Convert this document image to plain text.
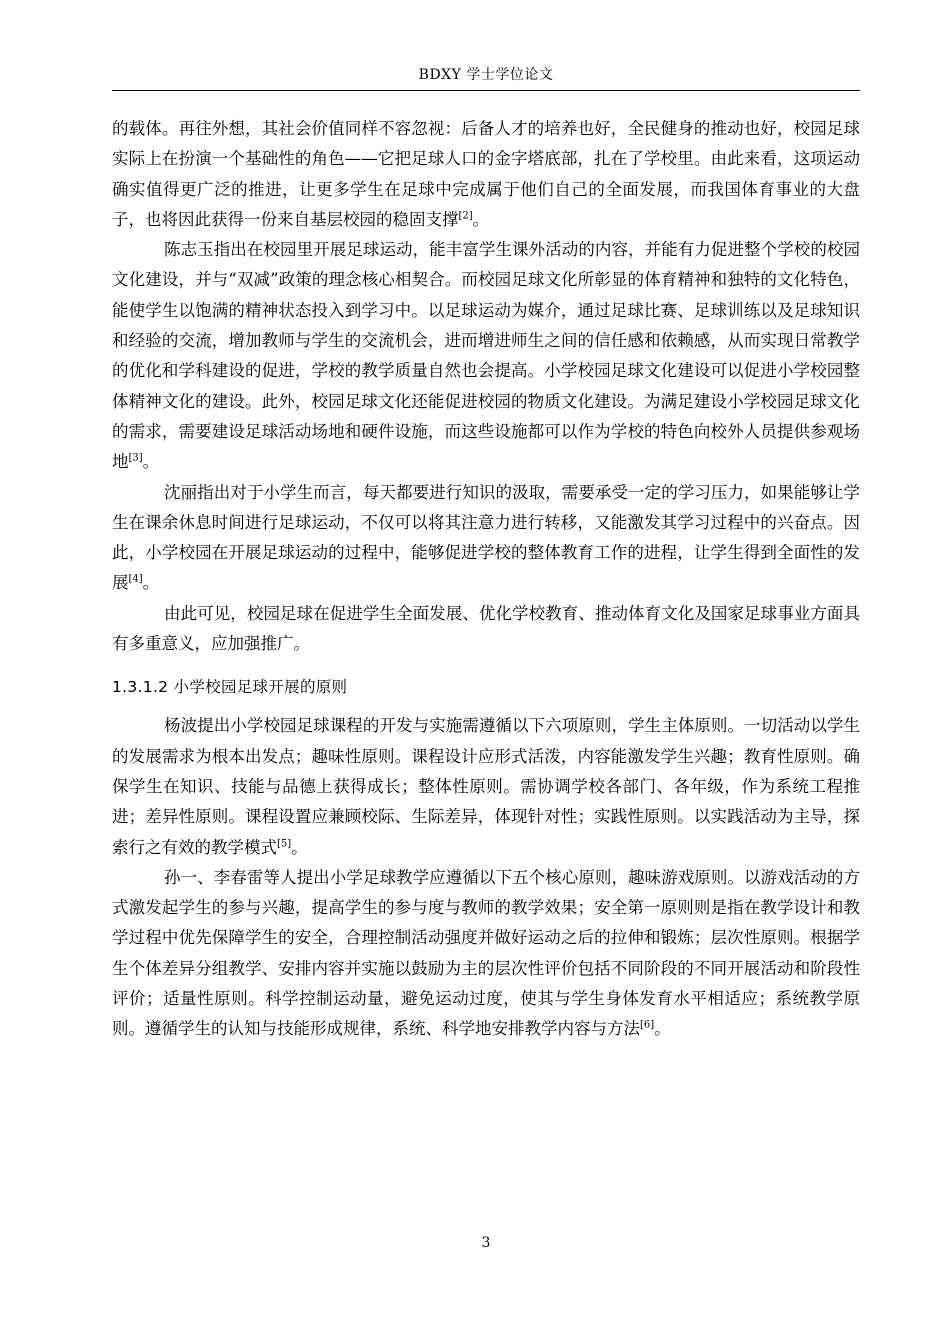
BDXY 学士学位论文

的载体。再往外想，其社会价值同样不容忽视：后备人才的培养也好，全民健身的推动也好，校园足球实际上在扮演一个基础性的角色——它把足球人口的金字塔底部，扎在了学校里。由此来看，这项运动确实值得更广泛的推进，让更多学生在足球中完成属于他们自己的全面发展，而我国体育事业的大盘子，也将因此获得一份来自基层校园的稳固支撑[2]。

陈志玉指出在校园里开展足球运动，能丰富学生课外活动的内容，并能有力促进整个学校的校园文化建设，并与“双减”政策的理念核心相契合。而校园足球文化所彰显的体育精神和独特的文化特色，能使学生以饱满的精神状态投入到学习中。以足球运动为媒介，通过足球比赛、足球训练以及足球知识和经验的交流，增加教师与学生的交流机会，进而增进师生之间的信任感和依赖感，从而实现日常教学的优化和学科建设的促进，学校的教学质量自然也会提高。小学校园足球文化建设可以促进小学校园整体精神文化的建设。此外，校园足球文化还能促进校园的物质文化建设。为满足建设小学校园足球文化的需求，需要建设足球活动场地和硬件设施，而这些设施都可以作为学校的特色向校外人员提供参观场地[3]。

沈丽指出对于小学生而言，每天都要进行知识的汲取，需要承受一定的学习压力，如果能够让学生在课余休息时间进行足球运动，不仅可以将其注意力进行转移，又能激发其学习过程中的兴奋点。因此，小学校园在开展足球运动的过程中，能够促进学校的整体教育工作的进程，让学生得到全面性的发展[4]。

由此可见，校园足球在促进学生全面发展、优化学校教育、推动体育文化及国家足球事业方面具有多重意义，应加强推广。

1.3.1.2 小学校园足球开展的原则

杨波提出小学校园足球课程的开发与实施需遵循以下六项原则，学生主体原则。一切活动以学生的发展需求为根本出发点；趣味性原则。课程设计应形式活泼，内容能激发学生兴趣；教育性原则。确保学生在知识、技能与品德上获得成长；整体性原则。需协调学校各部门、各年级，作为系统工程推进；差异性原则。课程设置应兼顾校际、生际差异，体现针对性；实践性原则。以实践活动为主导，探索行之有效的教学模式[5]。

孙一、李春雷等人提出小学足球教学应遵循以下五个核心原则，趣味游戏原则。以游戏活动的方式激发起学生的参与兴趣，提高学生的参与度与教师的教学效果；安全第一原则则是指在教学设计和教学过程中优先保障学生的安全，合理控制活动强度并做好运动之后的拉伸和锻炼；层次性原则。根据学生个体差异分组教学、安排内容并实施以鼓励为主的层次性评价包括不同阶段的不同开展活动和阶段性评价；适量性原则。科学控制运动量，避免运动过度，使其与学生身体发育水平相适应；系统教学原则。遵循学生的认知与技能形成规律，系统、科学地安排教学内容与方法[6]。

3
